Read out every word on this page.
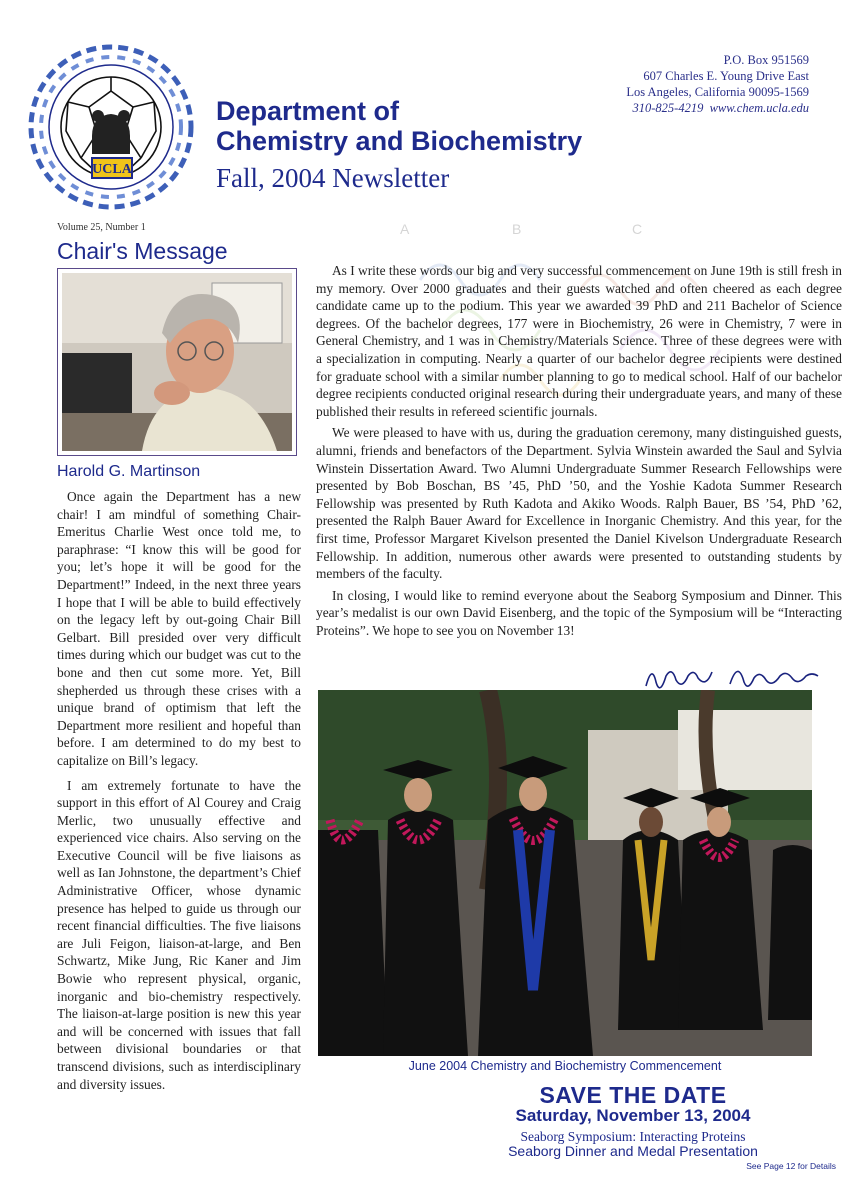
UCLA
Department of
Chemistry and Biochemistry
Fall, 2004 Newsletter
P.O. Box 951569
607 Charles E. Young Drive East
Los Angeles, California 90095-1569
310-825-4219 www.chem.ucla.edu
Volume 25, Number 1
Chair's Message
Harold G. Martinson

Once again the Department has a new chair! I am mindful of something Chair-Emeritus Charlie West once told me, to paraphrase: “I know this will be good for you; let’s hope it will be good for the Department!” Indeed, in the next three years I hope that I will be able to build effectively on the legacy left by out-going Chair Bill Gelbart. Bill presided over very difficult times during which our budget was cut to the bone and then cut some more. Yet, Bill shepherded us through these crises with a unique brand of optimism that left the Department more resilient and hopeful than before. I am determined to do my best to capitalize on Bill’s legacy.

I am extremely fortunate to have the support in this effort of Al Courey and Craig Merlic, two unusually effective and experienced vice chairs. Also serving on the Executive Council will be five liaisons as well as Ian Johnstone, the department’s Chief Administrative Officer, whose dynamic presence has helped to guide us through our recent financial difficulties. The five liaisons are Juli Feigon, liaison-at-large, and Ben Schwartz, Mike Jung, Ric Kaner and Jim Bowie who represent physical, organic, inorganic and bio-chemistry respectively. The liaison-at-large position is new this year and will be concerned with issues that fall between divisional boundaries or that transcend divisions, such as interdisciplinary and diversity issues.

A	B	C

As I write these words our big and very successful commencement on June 19th is still fresh in my memory. Over 2000 graduates and their guests watched and often cheered as each degree candidate came up to the podium. This year we awarded 39 PhD and 211 Bachelor of Science degrees. Of the bachelor degrees, 177 were in Biochemistry, 26 were in Chemistry, 7 were in General Chemistry, and 1 was in Chemistry/Materials Science. Three of these degrees were with a specialization in computing. Nearly a quarter of our bachelor degree recipients were destined for graduate school with a similar number planning to go to medical school. Half of our bachelor degree recipients conducted original research during their undergraduate years, and many of these published their results in refereed scientific journals.

We were pleased to have with us, during the graduation ceremony, many distinguished guests, alumni, friends and benefactors of the Department. Sylvia Winstein awarded the Saul and Sylvia Winstein Dissertation Award. Two Alumni Undergraduate Summer Research Fellowships were presented by Bob Boschan, BS ’45, PhD ’50, and the Yoshie Kadota Summer Research Fellowship was presented by Ruth Kadota and Akiko Woods. Ralph Bauer, BS ’54, PhD ’62, presented the Ralph Bauer Award for Excellence in Inorganic Chemistry. And this year, for the first time, Professor Margaret Kivelson presented the Daniel Kivelson Undergraduate Research Fellowship. In addition, numerous other awards were presented to outstanding students by members of the faculty.

In closing, I would like to remind everyone about the Seaborg Symposium and Dinner. This year’s medalist is our own David Eisenberg, and the topic of the Symposium will be “Interacting Proteins”. We hope to see you on November 13!

June 2004 Chemistry and Biochemistry Commencement
SAVE THE DATE
Saturday, November 13, 2004
Seaborg Symposium: Interacting Proteins
Seaborg Dinner and Medal Presentation
See Page 12 for Details
